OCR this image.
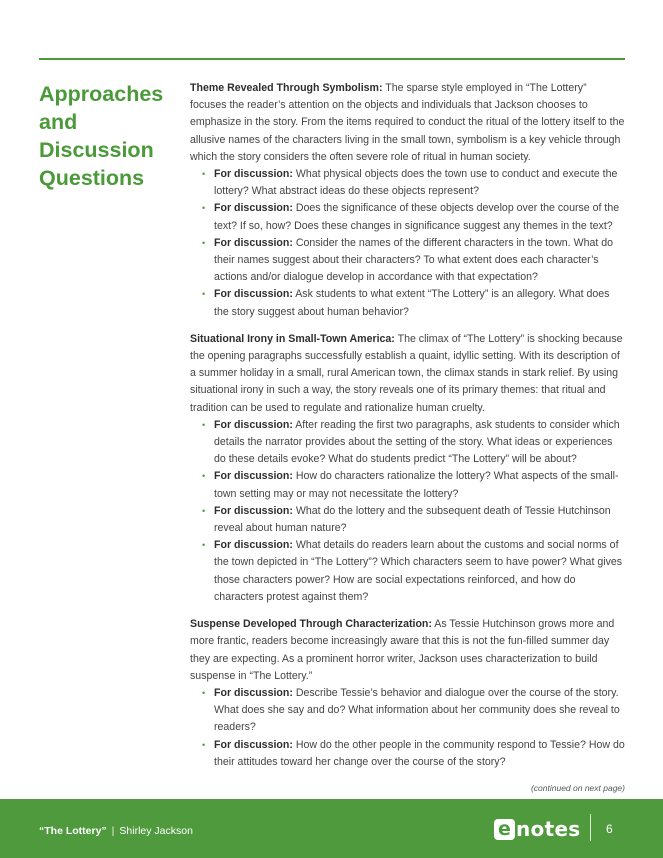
Approaches
and
Discussion
Questions

Theme Revealed Through Symbolism: The sparse style employed in “The Lottery” focuses the reader’s attention on the objects and individuals that Jackson chooses to emphasize in the story. From the items required to conduct the ritual of the lottery itself to the allusive names of the characters living in the small town, symbolism is a key vehicle through which the story considers the often severe role of ritual in human society.

• For discussion: What physical objects does the town use to conduct and execute the lottery? What abstract ideas do these objects represent?
• For discussion: Does the significance of these objects develop over the course of the text? If so, how? Does these changes in significance suggest any themes in the text?
• For discussion: Consider the names of the different characters in the town. What do their names suggest about their characters? To what extent does each character’s actions and/or dialogue develop in accordance with that expectation?
• For discussion: Ask students to what extent “The Lottery” is an allegory. What does the story suggest about human behavior?

Situational Irony in Small-Town America: The climax of “The Lottery” is shocking because the opening paragraphs successfully establish a quaint, idyllic setting. With its description of a summer holiday in a small, rural American town, the climax stands in stark relief. By using situational irony in such a way, the story reveals one of its primary themes: that ritual and tradition can be used to regulate and rationalize human cruelty.

• For discussion: After reading the first two paragraphs, ask students to consider which details the narrator provides about the setting of the story. What ideas or experiences do these details evoke? What do students predict “The Lottery” will be about?
• For discussion: How do characters rationalize the lottery? What aspects of the small-town setting may or may not necessitate the lottery?
• For discussion: What do the lottery and the subsequent death of Tessie Hutchinson reveal about human nature?
• For discussion: What details do readers learn about the customs and social norms of the town depicted in “The Lottery”? Which characters seem to have power? What gives those characters power? How are social expectations reinforced, and how do characters protest against them?

Suspense Developed Through Characterization: As Tessie Hutchinson grows more and more frantic, readers become increasingly aware that this is not the fun-filled summer day they are expecting. As a prominent horror writer, Jackson uses characterization to build suspense in “The Lottery.”

• For discussion: Describe Tessie’s behavior and dialogue over the course of the story. What does she say and do? What information about her community does she reveal to readers?
• For discussion: How do the other people in the community respond to Tessie? How do their attitudes toward her change over the course of the story?
(continued on next page)
“The Lottery” | Shirley Jackson	e notes 6
